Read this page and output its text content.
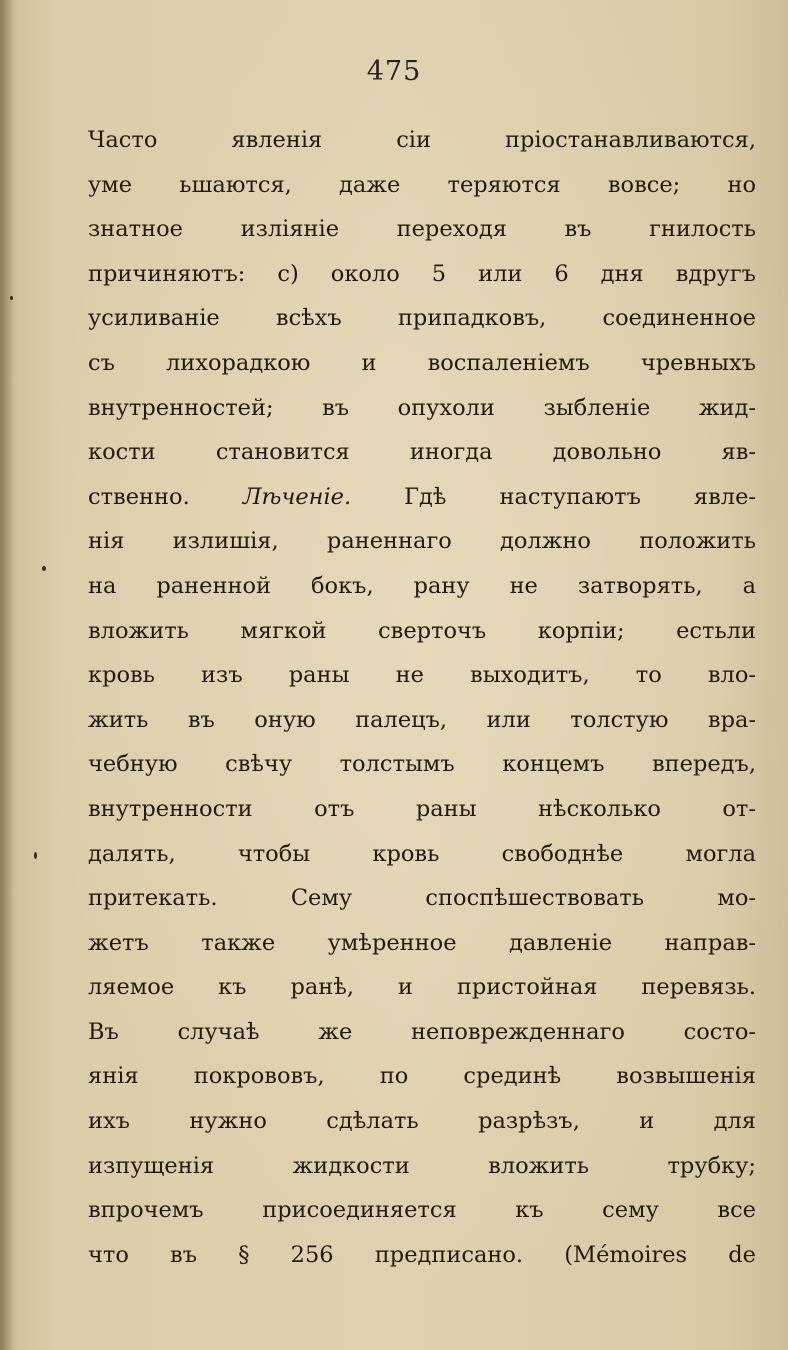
475
Часто явленія сіи пріостанавливаются,
уме ьшаются, даже теряются вовсе; но
знатное изліяніе переходя въ гнилость
причиняютъ: c) около 5 или 6 дня вдругъ
усиливаніе всѣхъ припадковъ, соединенное
съ лихорадкою и воспаленіемъ чревныхъ
внутренностей; въ опухоли зыбленіе жид-
кости становится иногда довольно яв-
ственно. Лѣченіе. Гдѣ наступаютъ явле-
нія излишія, раненнаго должно положить
на раненной бокъ, рану не затворять, а
вложить мягкой сверточъ корпіи; естьли
кровь изъ раны не выходитъ, то вло-
жить въ оную палецъ, или толстую вра-
чебную свѣчу толстымъ концемъ впередъ,
внутренности отъ раны нѣсколько от-
далять, чтобы кровь свободнѣе могла
притекать. Сему споспѣшествовать мо-
жетъ также умѣренное давленіе направ-
ляемое къ ранѣ, и пристойная перевязь.
Въ случаѣ же неповрежденнаго состо-
янія покрововъ, по срединѣ возвышенія
ихъ нужно сдѣлать разрѣзъ, и для
изпущенія жидкости вложить трубку;
впрочемъ присоединяется къ сему все
что въ § 256 предписано. (Mémoires de
